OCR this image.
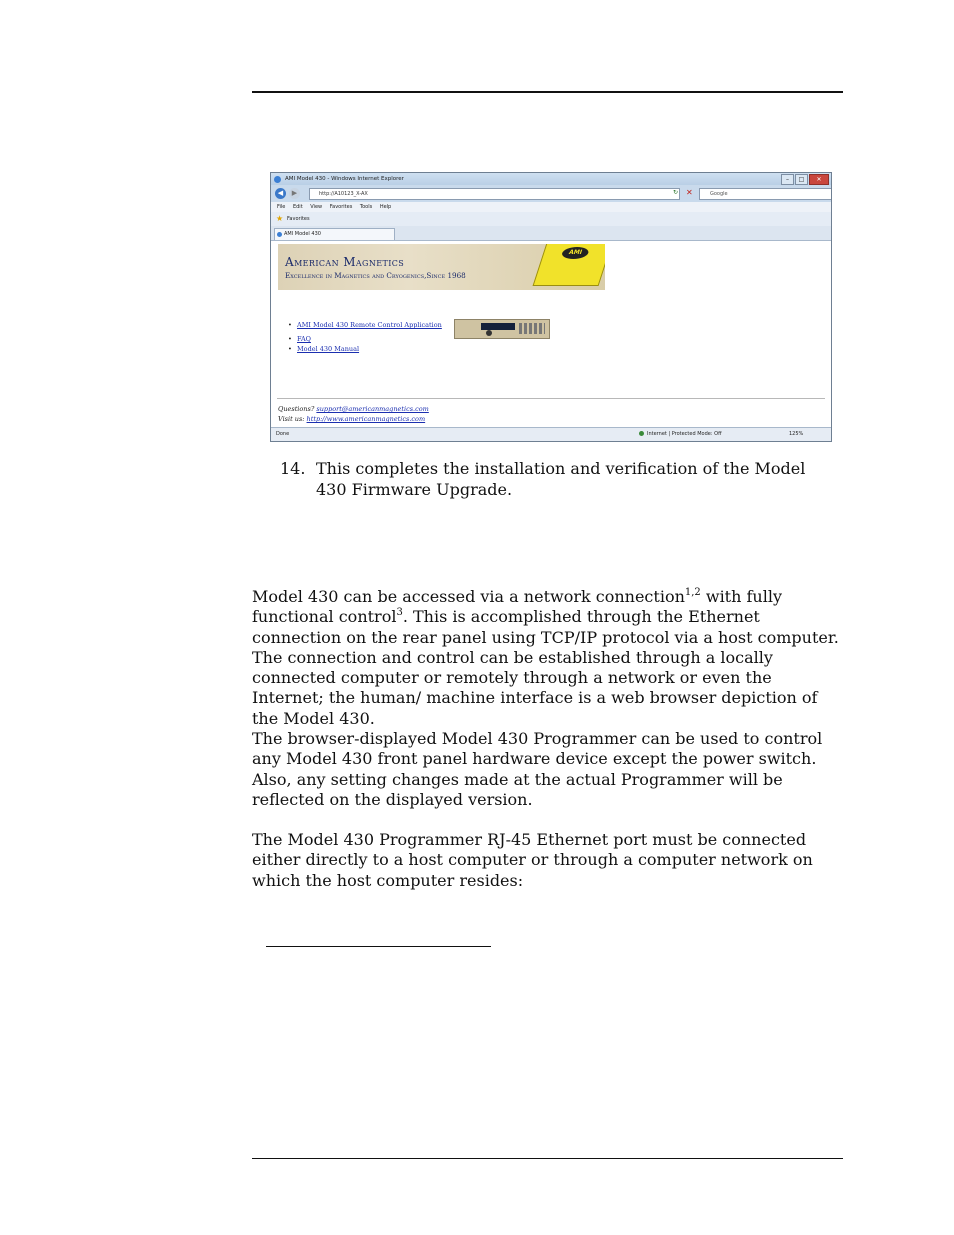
AMI Model 430 - Windows Internet Explorer	–	□	✕
◀	▶	http://A10123_X-AX	↻ ✕	Google
File Edit View Favorites Tools Help
★ Favorites
AMI Model 430
American Magnetics
Excellence in Magnetics and Cryogenics,Since 1968
AMI
• AMI Model 430 Remote Control Application
• FAQ
• Model 430 Manual
Questions? support@americanmagnetics.com
Visit us: http://www.americanmagnetics.com
Done	Internet | Protected Mode: Off	125%
14. This completes the installation and verification of the Model 430 Firmware Upgrade.

Model 430 can be accessed via a network connection$^{1,2}$ with fully functional control$^3$. This is accomplished through the Ethernet connection on the rear panel using TCP/IP protocol via a host computer. The connection and control can be established through a locally connected computer or remotely through a network or even the Internet; the human/ machine interface is a web browser depiction of the Model 430.

The browser-displayed Model 430 Programmer can be used to control any Model 430 front panel hardware device except the power switch. Also, any setting changes made at the actual Programmer will be reflected on the displayed version.

The Model 430 Programmer RJ-45 Ethernet port must be connected either directly to a host computer or through a computer network on which the host computer resides:
